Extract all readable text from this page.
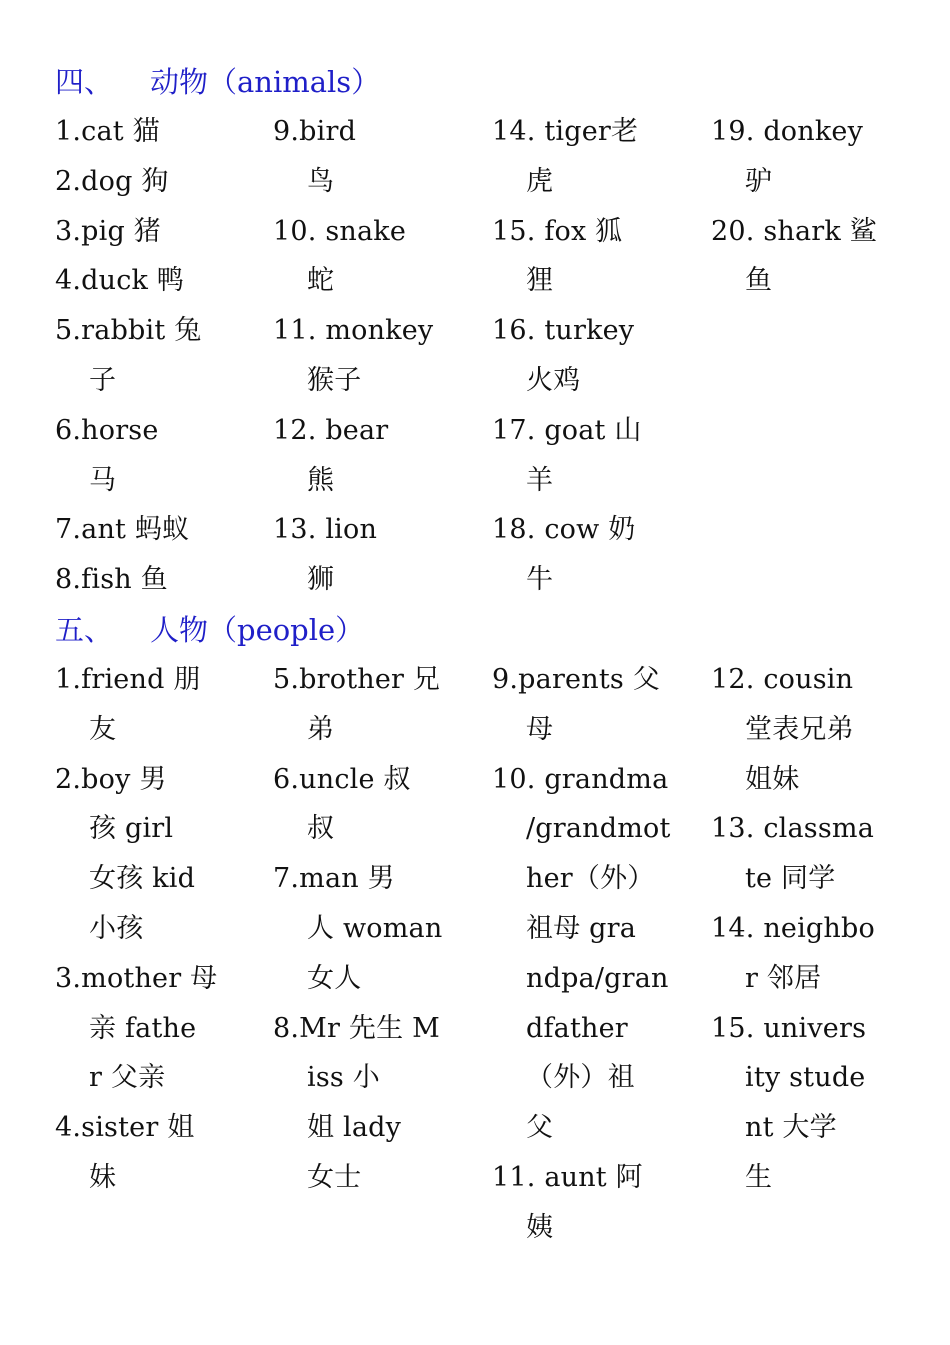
四、 动物（animals）
1.cat 猫
2.dog 狗
3.pig 猪
4.duck 鸭
5.rabbit 兔
子
6.horse
马
7.ant 蚂蚁
8.fish 鱼
9.bird
鸟
10. snake
蛇
11. monkey
猴子
12. bear
熊
13. lion
狮
14. tiger老
虎
15. fox 狐
狸
16. turkey
火鸡
17. goat 山
羊
18. cow 奶
牛
19. donkey
驴
20. shark 鲨
鱼
五、 人物（people）
1.friend 朋
友
2.boy 男
孩 girl
女孩 kid
小孩
3.mother 母
亲 fathe
r 父亲
4.sister 姐
妹
5.brother 兄
弟
6.uncle 叔
叔
7.man 男
人 woman
女人
8.Mr 先生 M
iss 小
姐 lady
女士
9.parents 父
母
10. grandma
/grandmot
her（外）
祖母 gra
ndpa/gran
dfather
（外）祖
父
11. aunt 阿
姨
12. cousin
堂表兄弟
姐妹
13. classma
te 同学
14. neighbo
r 邻居
15. univers
ity stude
nt 大学
生
